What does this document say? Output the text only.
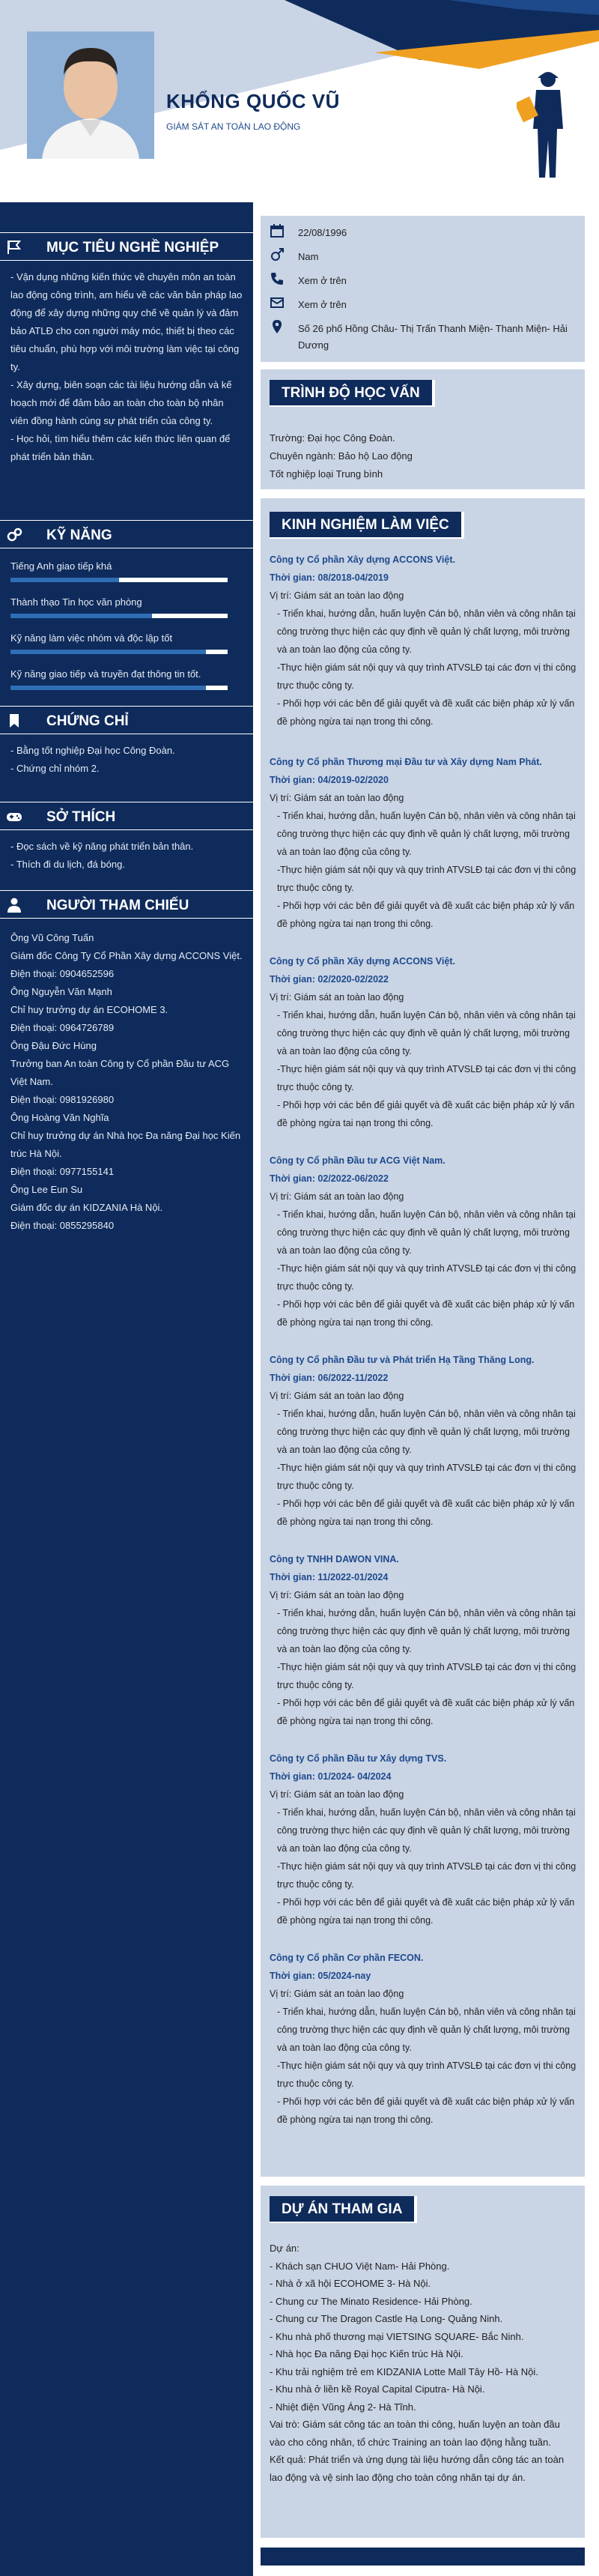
KHỔNG QUỐC VŨ
GIÁM SÁT AN TOÀN LAO ĐỘNG
MỤC TIÊU NGHỀ NGHIỆP

- Vận dụng những kiến thức về chuyên môn an toàn lao động công trình, am hiểu về các văn bản pháp lao động để xây dựng những quy chế về quản lý và đảm bảo ATLĐ cho con người máy móc, thiết bị theo các tiêu chuẩn, phù hợp với môi trường làm việc tại công ty.

- Xây dựng, biên soạn các tài liệu hướng dẫn và kế hoạch mới để đảm bảo an toàn cho toàn bộ nhân viên đồng hành cùng sự phát triển của công ty.

- Học hỏi, tìm hiểu thêm các kiến thức liên quan để phát triển bản thân.

KỸ NĂNG
Tiếng Anh giao tiếp khá
Thành thạo Tin học văn phòng
Kỹ năng làm việc nhóm và độc lập tốt
Kỹ năng giao tiếp và truyền đạt thông tin tốt.
CHỨNG CHỈ

- Bằng tốt nghiệp Đại học Công Đoàn.

- Chứng chỉ nhóm 2.

SỞ THÍCH

- Đọc sách về kỹ năng phát triển bản thân.

- Thích đi du lịch, đá bóng.

NGƯỜI THAM CHIẾU

Ông Vũ Công Tuấn

Giám đốc Công Ty Cổ Phần Xây dựng ACCONS Việt.

Điện thoại: 0904652596

Ông Nguyễn Văn Mạnh

Chỉ huy trưởng dự án ECOHOME 3.

Điện thoại: 0964726789

Ông Đậu Đức Hùng

Trưởng ban An toàn Công ty Cổ phần Đầu tư ACG Việt Nam.

Điện thoại: 0981926980

Ông Hoàng Văn Nghĩa

Chỉ huy trưởng dự án Nhà học Đa năng Đại học Kiến trúc Hà Nội.

Điện thoại: 0977155141

Ông Lee Eun Su

Giám đốc dự án KIDZANIA Hà Nội.

Điện thoại: 0855295840

22/08/1996
Nam
Xem ở trên
Xem ở trên
Số 26 phố Hồng Châu- Thị Trấn Thanh Miện- Thanh Miện- Hải Dương
TRÌNH ĐỘ HỌC VẤN
Trường: Đại học Công Đoàn.
Chuyên ngành: Bảo hộ Lao động
Tốt nghiệp loại Trung bình
KINH NGHIỆM LÀM VIỆC
Công ty Cổ phần Xây dựng ACCONS Việt.
Thời gian: 08/2018-04/2019
Vị trí: Giám sát an toàn lao động
- Triển khai, hướng dẫn, huấn luyện Cán bộ, nhân viên và công nhân tại công trường thực hiện các quy định về quản lý chất lượng, môi trường và an toàn lao động của công ty.
-Thực hiện giám sát nội quy và quy trình ATVSLĐ tại các đơn vị thi công trực thuộc công ty.
- Phối hợp với các bên để giải quyết và đề xuất các biện pháp xử lý vấn đề phòng ngừa tai nạn trong thi công.
Công ty Cổ phần Thương mại Đầu tư và Xây dựng Nam Phát.
Thời gian: 04/2019-02/2020
Vị trí: Giám sát an toàn lao động
- Triển khai, hướng dẫn, huấn luyện Cán bộ, nhân viên và công nhân tại công trường thực hiện các quy định về quản lý chất lượng, môi trường và an toàn lao động của công ty.
-Thực hiện giám sát nội quy và quy trình ATVSLĐ tại các đơn vị thi công trực thuộc công ty.
- Phối hợp với các bên để giải quyết và đề xuất các biện pháp xử lý vấn đề phòng ngừa tai nạn trong thi công.
Công ty Cổ phần Xây dựng ACCONS Việt.
Thời gian: 02/2020-02/2022
Vị trí: Giám sát an toàn lao động
- Triển khai, hướng dẫn, huấn luyện Cán bộ, nhân viên và công nhân tại công trường thực hiện các quy định về quản lý chất lượng, môi trường và an toàn lao động của công ty.
-Thực hiện giám sát nội quy và quy trình ATVSLĐ tại các đơn vị thi công trực thuộc công ty.
- Phối hợp với các bên để giải quyết và đề xuất các biện pháp xử lý vấn đề phòng ngừa tai nạn trong thi công.
Công ty Cổ phần Đầu tư ACG Việt Nam.
Thời gian: 02/2022-06/2022
Vị trí: Giám sát an toàn lao động
- Triển khai, hướng dẫn, huấn luyện Cán bộ, nhân viên và công nhân tại công trường thực hiện các quy định về quản lý chất lượng, môi trường và an toàn lao động của công ty.
-Thực hiện giám sát nội quy và quy trình ATVSLĐ tại các đơn vị thi công trực thuộc công ty.
- Phối hợp với các bên để giải quyết và đề xuất các biện pháp xử lý vấn đề phòng ngừa tai nạn trong thi công.
Công ty Cổ phần Đầu tư và Phát triển Hạ Tầng Thăng Long.
Thời gian: 06/2022-11/2022
Vị trí: Giám sát an toàn lao động
- Triển khai, hướng dẫn, huấn luyện Cán bộ, nhân viên và công nhân tại công trường thực hiện các quy định về quản lý chất lượng, môi trường và an toàn lao động của công ty.
-Thực hiện giám sát nội quy và quy trình ATVSLĐ tại các đơn vị thi công trực thuộc công ty.
- Phối hợp với các bên để giải quyết và đề xuất các biện pháp xử lý vấn đề phòng ngừa tai nạn trong thi công.
Công ty TNHH DAWON VINA.
Thời gian: 11/2022-01/2024
Vị trí: Giám sát an toàn lao động
- Triển khai, hướng dẫn, huấn luyện Cán bộ, nhân viên và công nhân tại công trường thực hiện các quy định về quản lý chất lượng, môi trường và an toàn lao động của công ty.
-Thực hiện giám sát nội quy và quy trình ATVSLĐ tại các đơn vị thi công trực thuộc công ty.
- Phối hợp với các bên để giải quyết và đề xuất các biện pháp xử lý vấn đề phòng ngừa tai nạn trong thi công.
Công ty Cổ phần Đầu tư Xây dựng TVS.
Thời gian: 01/2024- 04/2024
Vị trí: Giám sát an toàn lao động
- Triển khai, hướng dẫn, huấn luyện Cán bộ, nhân viên và công nhân tại công trường thực hiện các quy định về quản lý chất lượng, môi trường và an toàn lao động của công ty.
-Thực hiện giám sát nội quy và quy trình ATVSLĐ tại các đơn vị thi công trực thuộc công ty.
- Phối hợp với các bên để giải quyết và đề xuất các biện pháp xử lý vấn đề phòng ngừa tai nạn trong thi công.
Công ty Cổ phần Cơ phần FECON.
Thời gian: 05/2024-nay
Vị trí: Giám sát an toàn lao động
- Triển khai, hướng dẫn, huấn luyện Cán bộ, nhân viên và công nhân tại công trường thực hiện các quy định về quản lý chất lượng, môi trường và an toàn lao động của công ty.
-Thực hiện giám sát nội quy và quy trình ATVSLĐ tại các đơn vị thi công trực thuộc công ty.
- Phối hợp với các bên để giải quyết và đề xuất các biện pháp xử lý vấn đề phòng ngừa tai nạn trong thi công.
DỰ ÁN THAM GIA
Dự án:
- Khách sạn CHUO Việt Nam- Hải Phòng.
- Nhà ở xã hội ECOHOME 3- Hà Nội.
- Chung cư The Minato Residence- Hải Phòng.
- Chung cư The Dragon Castle Hạ Long- Quảng Ninh.
- Khu nhà phố thương mại VIETSING SQUARE- Bắc Ninh.
- Nhà học Đa năng Đại học Kiến trúc Hà Nội.
- Khu trải nghiệm trẻ em KIDZANIA Lotte Mall Tây Hồ- Hà Nội.
- Khu nhà ở liền kề Royal Capital Ciputra- Hà Nội.
- Nhiệt điện Vũng Áng 2- Hà Tĩnh.
Vai trò: Giám sát công tác an toàn thi công, huấn luyện an toàn đầu vào cho công nhân, tổ chức Training an toàn lao động hằng tuần.
Kết quả: Phát triển và ứng dụng tài liệu hướng dẫn công tác an toàn lao động và vệ sinh lao động cho toàn công nhân tại dự án.
